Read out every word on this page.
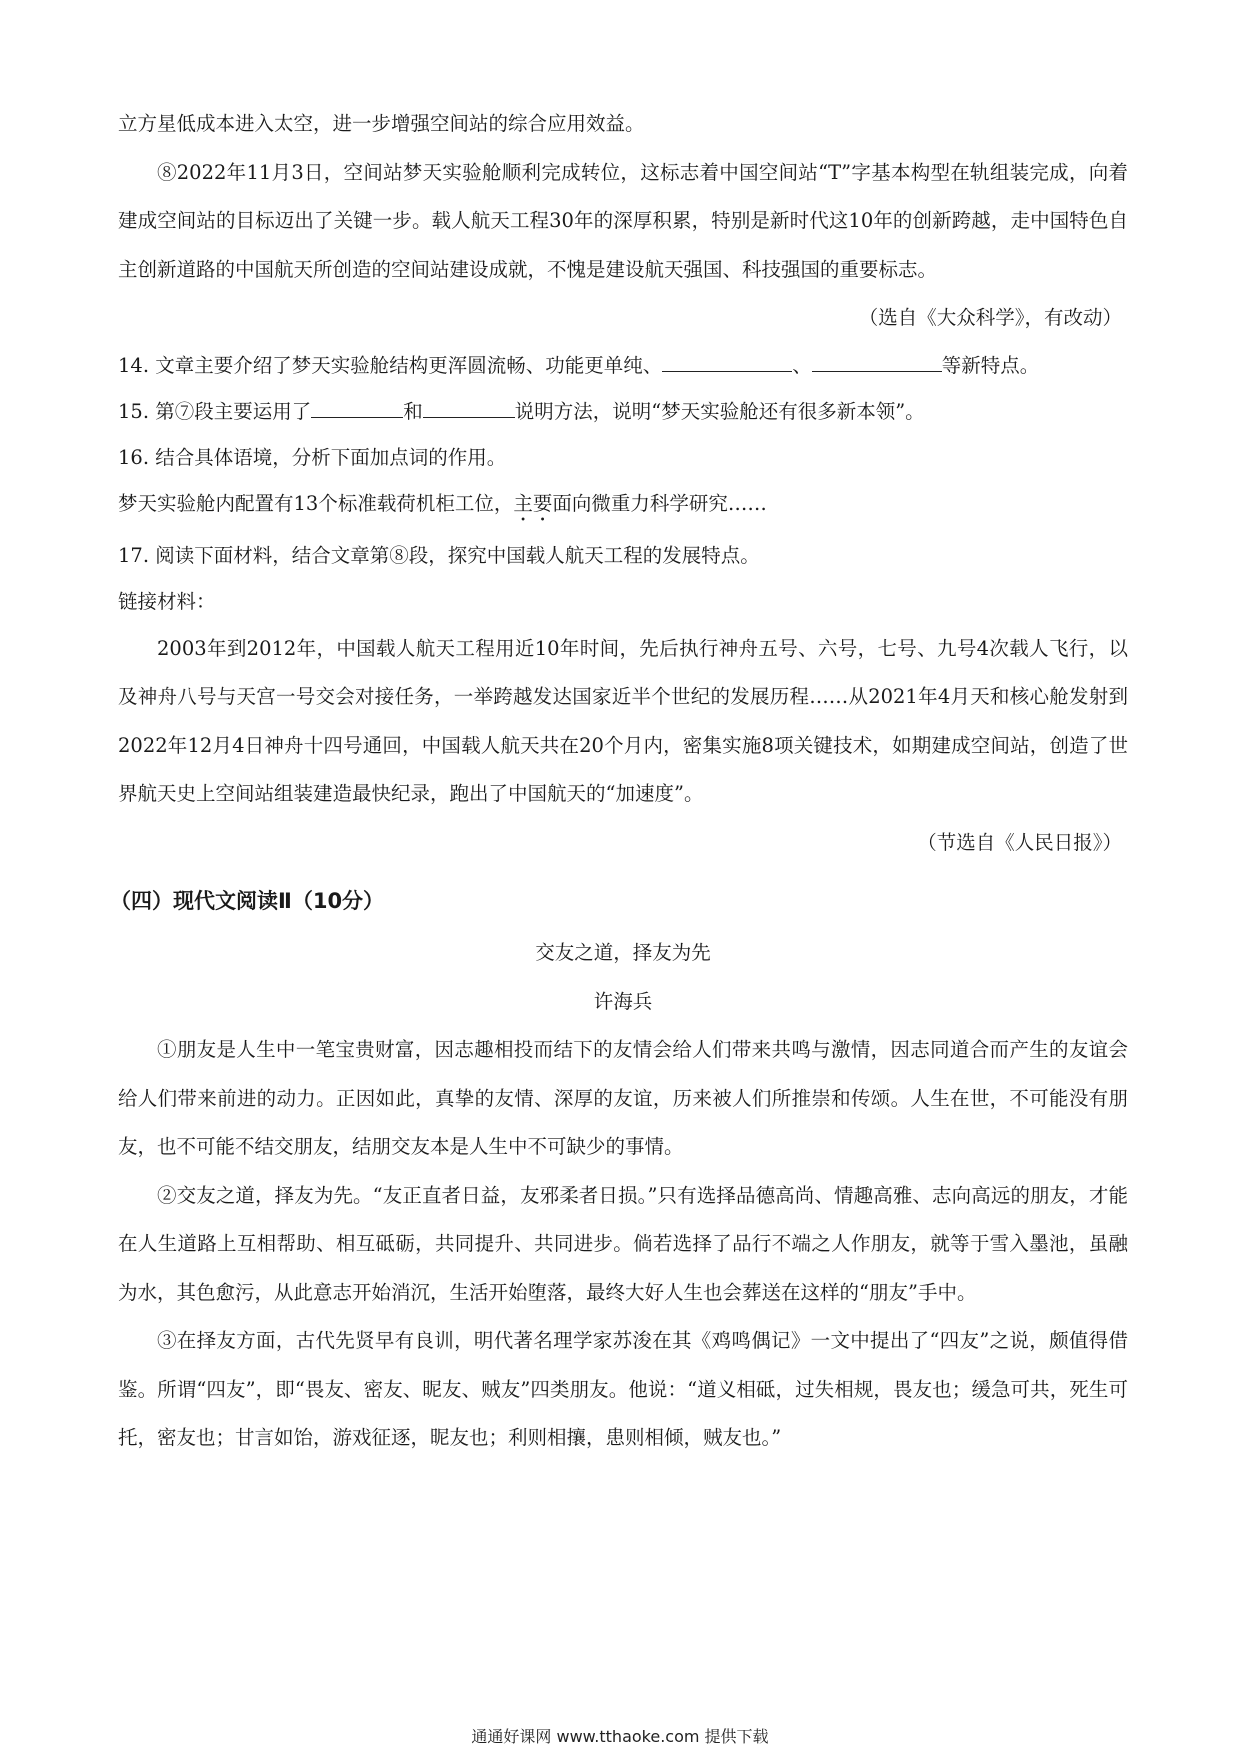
立方星低成本进入太空，进一步增强空间站的综合应用效益。

⑧2022年11月3日，空间站梦天实验舱顺利完成转位，这标志着中国空间站“T”字基本构型在轨组装完成，向着建成空间站的目标迈出了关键一步。载人航天工程30年的深厚积累，特别是新时代这10年的创新跨越，走中国特色自主创新道路的中国航天所创造的空间站建设成就，不愧是建设航天强国、科技强国的重要标志。

（选自《大众科学》，有改动）

14. 文章主要介绍了梦天实验舱结构更浑圆流畅、功能更单纯、	、	等新特点。

15. 第⑦段主要运用了	和	说明方法，说明“梦天实验舱还有很多新本领”。

16. 结合具体语境，分析下面加点词的作用。

梦天实验舱内配置有13个标准载荷机柜工位，主要面向微重力科学研究……

17. 阅读下面材料，结合文章第⑧段，探究中国载人航天工程的发展特点。

链接材料：

2003年到2012年，中国载人航天工程用近10年时间，先后执行神舟五号、六号，七号、九号4次载人飞行，以及神舟八号与天宫一号交会对接任务，一举跨越发达国家近半个世纪的发展历程……从2021年4月天和核心舱发射到2022年12月4日神舟十四号通回，中国载人航天共在20个月内，密集实施8项关键技术，如期建成空间站，创造了世界航天史上空间站组装建造最快纪录，跑出了中国航天的“加速度”。

（节选自《人民日报》）

（四）现代文阅读Ⅱ（10分）

交友之道，择友为先

许海兵

①朋友是人生中一笔宝贵财富，因志趣相投而结下的友情会给人们带来共鸣与激情，因志同道合而产生的友谊会给人们带来前进的动力。正因如此，真挚的友情、深厚的友谊，历来被人们所推崇和传颂。人生在世，不可能没有朋友，也不可能不结交朋友，结朋交友本是人生中不可缺少的事情。

②交友之道，择友为先。“友正直者日益，友邪柔者日损。”只有选择品德高尚、情趣高雅、志向高远的朋友，才能在人生道路上互相帮助、相互砥砺，共同提升、共同进步。倘若选择了品行不端之人作朋友，就等于雪入墨池，虽融为水，其色愈污，从此意志开始消沉，生活开始堕落，最终大好人生也会葬送在这样的“朋友”手中。

③在择友方面，古代先贤早有良训，明代著名理学家苏浚在其《鸡鸣偶记》一文中提出了“四友”之说，颇值得借鉴。所谓“四友”，即“畏友、密友、昵友、贼友”四类朋友。他说：“道义相砥，过失相规，畏友也；缓急可共，死生可托，密友也；甘言如饴，游戏征逐，昵友也；利则相攘，患则相倾，贼友也。”

通通好课网 www.tthaoke.com 提供下载
